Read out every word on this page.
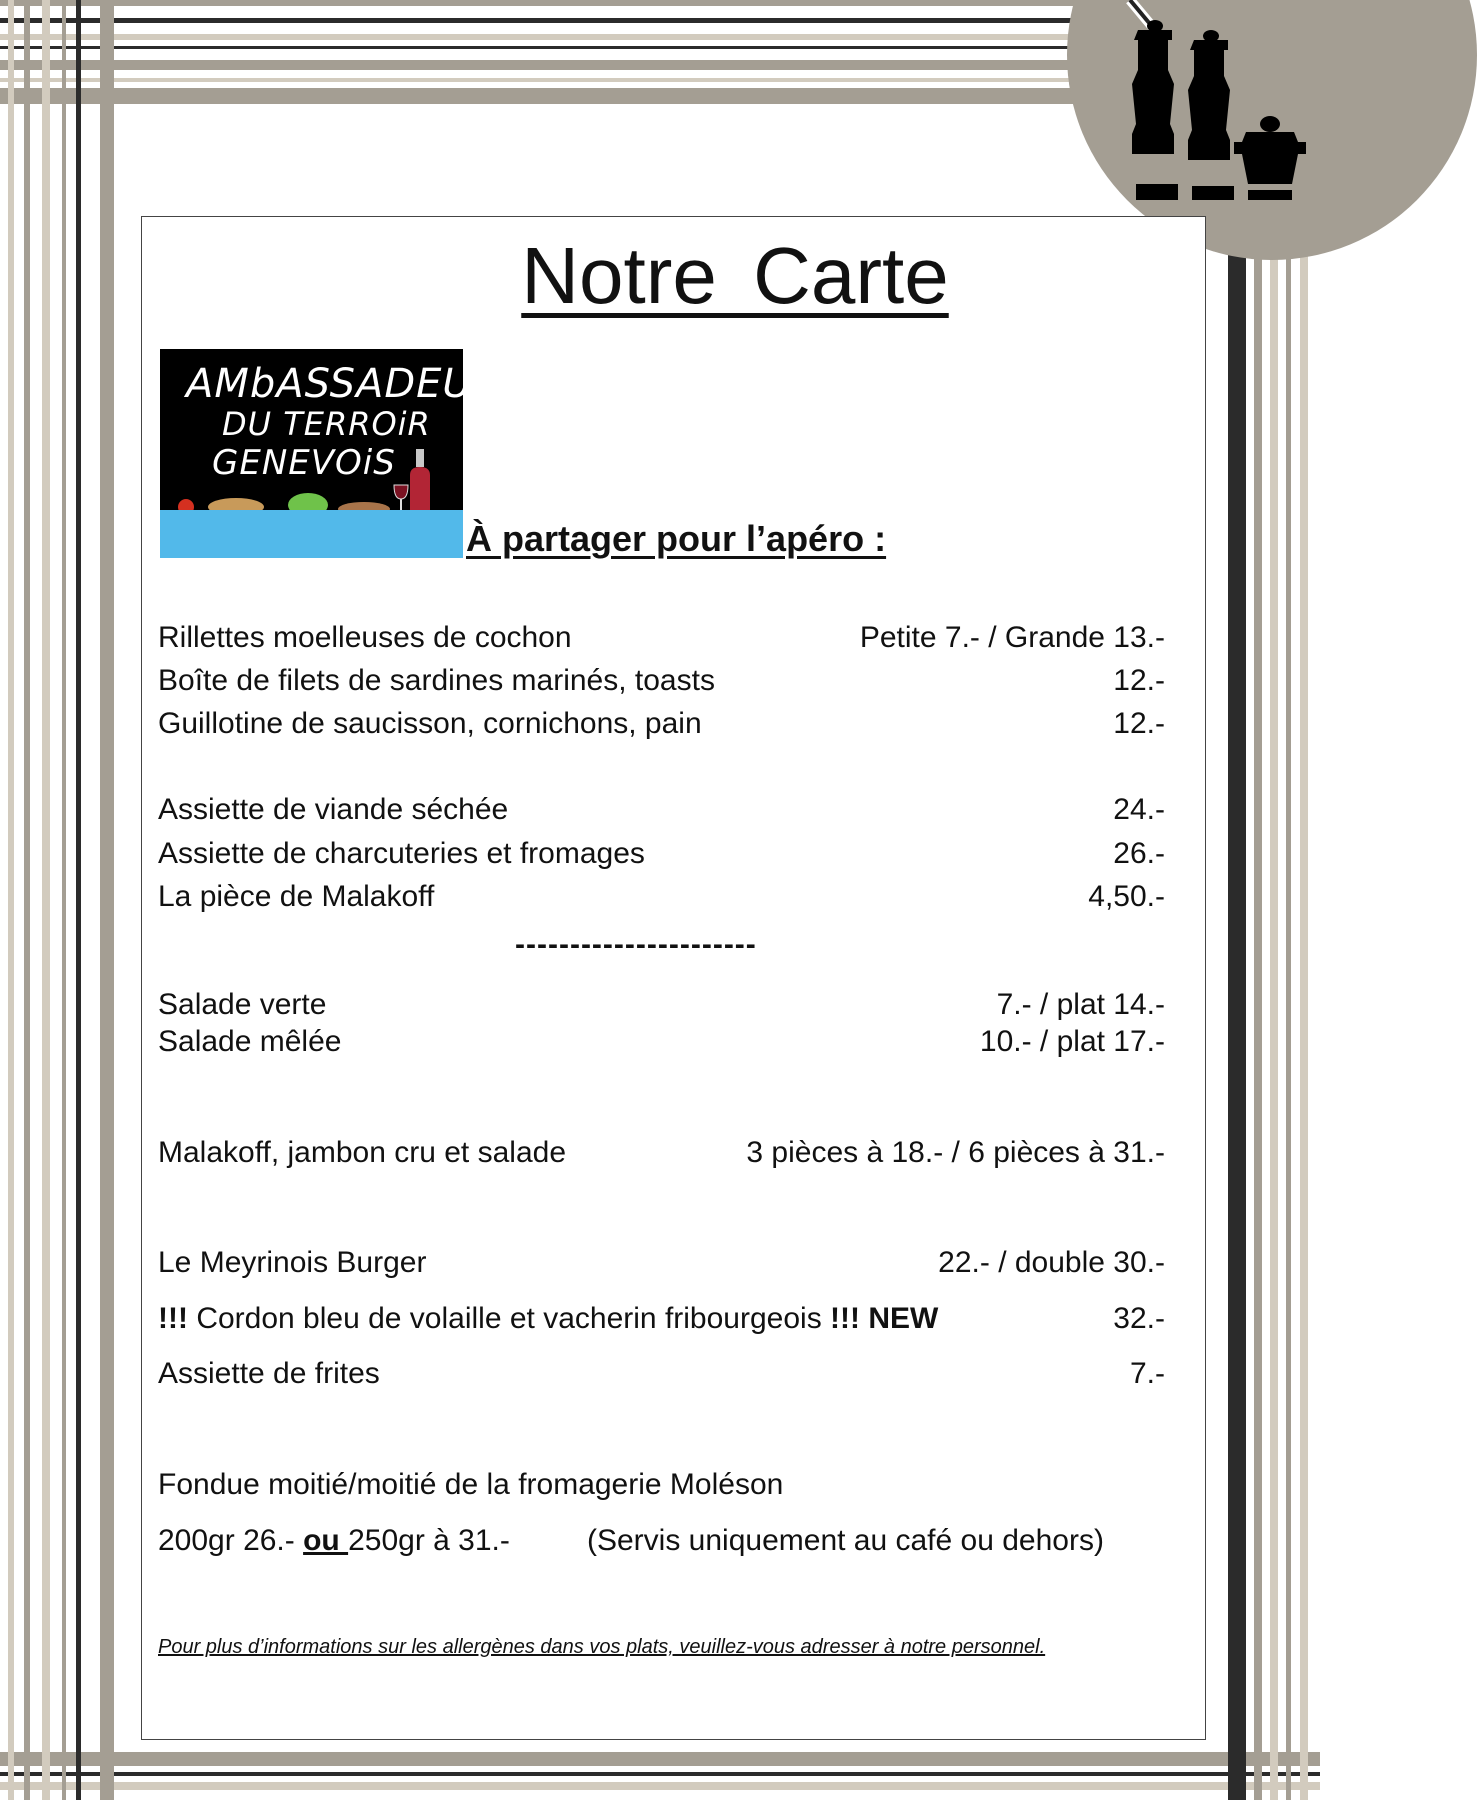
Notre Carte
AMbASSADEUR
DU TERROiR
GENEVOiS
À partager pour l’apéro :
Rillettes moelleuses de cochon	Petite 7.- / Grande 13.-
Boîte de filets de sardines marinés, toasts	12.-
Guillotine de saucisson, cornichons, pain	12.-
Assiette de viande séchée	24.-
Assiette de charcuteries et fromages	26.-
La pièce de Malakoff	4,50.-
----------------------
Salade verte	7.- / plat 14.-
Salade mêlée	10.- / plat 17.-
Malakoff, jambon cru et salade	3 pièces à 18.- / 6 pièces à 31.-
Le Meyrinois Burger	22.- / double 30.-
!!! Cordon bleu de volaille et vacherin fribourgeois !!! NEW	32.-
Assiette de frites	7.-
Fondue moitié/moitié de la fromagerie Moléson
200gr 26.- ou 250gr à 31.-	(Servis uniquement au café ou dehors)
Pour plus d’informations sur les allergènes dans vos plats, veuillez-vous adresser à notre personnel.
